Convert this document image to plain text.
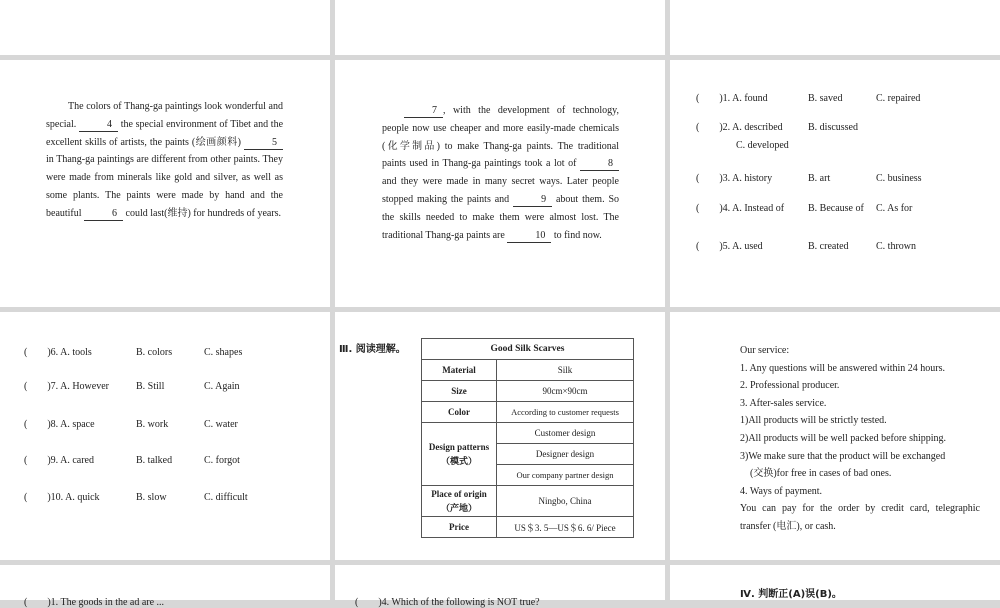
The colors of Thang-ga paintings look wonderful and special.	4 the special environment of Tibet and the excellent skills of artists, the paints (绘画颜料)	5 in Thang-ga paintings are different from other paints. They were made from minerals like gold and silver, as well as some plants. The paints were made by hand and the beautiful	6 could last(维持) for hundreds of years.
7 , with the development of technology, people now use cheaper and more easily-made chemicals (化学制品) to make Thang-ga paints. The traditional paints used in Thang-ga paintings took a lot of	8 and they were made in many secret ways. Later people stopped making the paints and	9 about them. So the skills needed to make them were almost lost. The traditional Thang-ga paints are	10 to find now.
(　　)1. A. found	B. saved	C. repaired
(　　)2. A. described	B. discussed
C. developed
(　　)3. A. history	B. art	C. business
(　　)4. A. Instead of B. Because of C. As for
(　　)5. A. used	B. created	C. thrown
(　　)6. A. tools	B. colors	C. shapes
(　　)7. A. However	B. Still	C. Again
(　　)8. A. space	B. work	C. water
(　　)9. A. cared	B. talked	C. forgot
(　　)10. A. quick	B. slow	C. difficult
Ⅲ. 阅读理解。	Good Silk Scarves	
Material	Silk
Size	90cm×90cm
Color	According to customer requests
Design patterns（模式）	Customer design
	Designer design
	Our company partner design
Place of origin（产地）	Ningbo, China
Price	US＄3. 5—US＄6. 6/ Piece
Our service:
1. Any questions will be answered within 24 hours.
2. Professional producer.
3. After-sales service.
1)All products will be strictly tested.
2)All products will be well packed before shipping.
3)We make sure that the product will be exchanged
(交换)for free in cases of bad ones.
4. Ways of payment.
You can pay for the order by credit card, telegraphic transfer (电汇), or cash.
(　　)1. The goods in the ad are ...	(　　)4. Which of the following is NOT true?
Ⅳ. 判断正(A)误(B)。
